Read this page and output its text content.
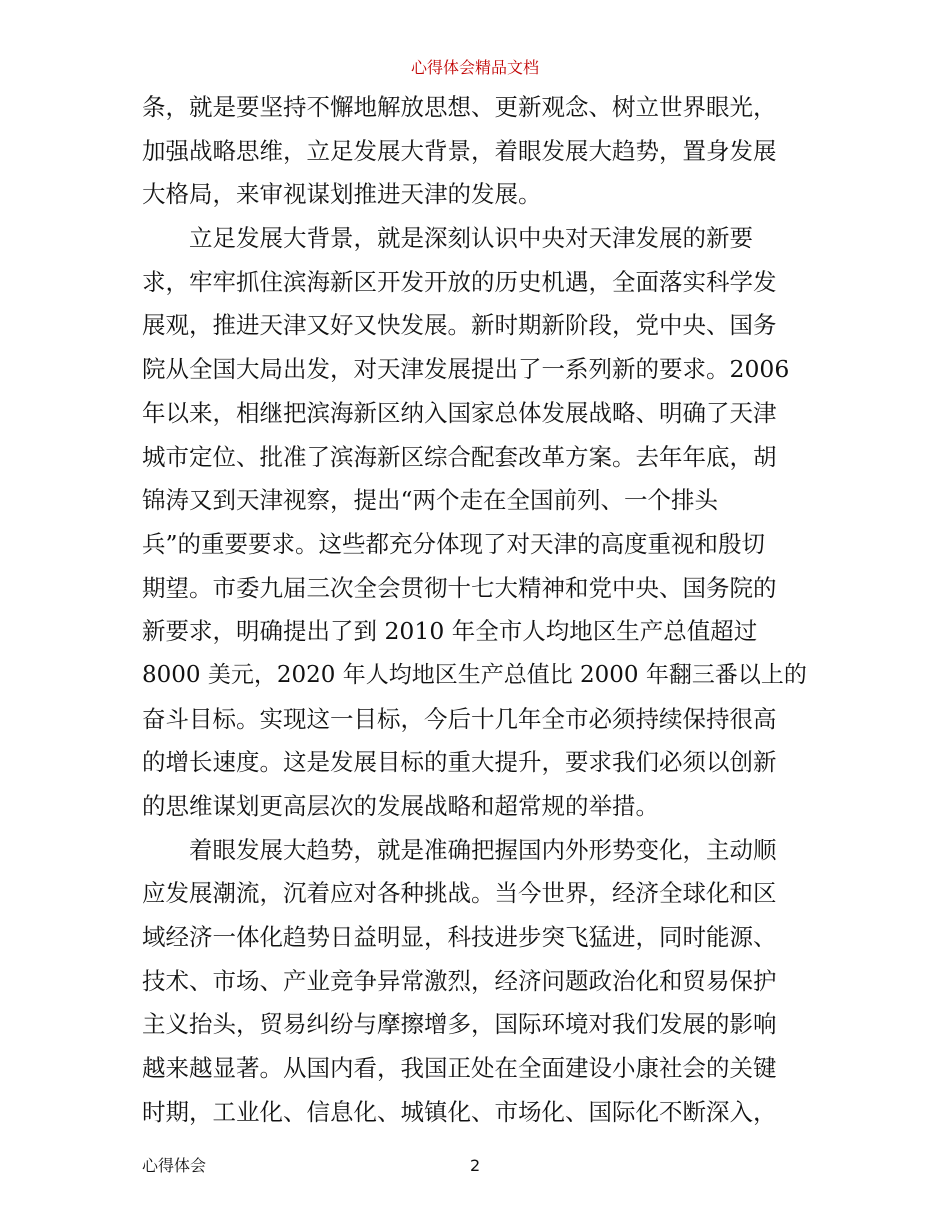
心得体会精品文档
条，就是要坚持不懈地解放思想、更新观念、树立世界眼光，
加强战略思维，立足发展大背景，着眼发展大趋势，置身发展
大格局，来审视谋划推进天津的发展。
立足发展大背景，就是深刻认识中央对天津发展的新要
求，牢牢抓住滨海新区开发开放的历史机遇，全面落实科学发
展观，推进天津又好又快发展。新时期新阶段，党中央、国务
院从全国大局出发，对天津发展提出了一系列新的要求。2006
年以来，相继把滨海新区纳入国家总体发展战略、明确了天津
城市定位、批准了滨海新区综合配套改革方案。去年年底，胡
锦涛又到天津视察，提出“两个走在全国前列、一个排头
兵”的重要要求。这些都充分体现了对天津的高度重视和殷切
期望。市委九届三次全会贯彻十七大精神和党中央、国务院的
新要求，明确提出了到 2010 年全市人均地区生产总值超过
8000 美元，2020 年人均地区生产总值比 2000 年翻三番以上的
奋斗目标。实现这一目标，今后十几年全市必须持续保持很高
的增长速度。这是发展目标的重大提升，要求我们必须以创新
的思维谋划更高层次的发展战略和超常规的举措。
着眼发展大趋势，就是准确把握国内外形势变化，主动顺
应发展潮流，沉着应对各种挑战。当今世界，经济全球化和区
域经济一体化趋势日益明显，科技进步突飞猛进，同时能源、
技术、市场、产业竞争异常激烈，经济问题政治化和贸易保护
主义抬头，贸易纠纷与摩擦增多，国际环境对我们发展的影响
越来越显著。从国内看，我国正处在全面建设小康社会的关键
时期，工业化、信息化、城镇化、市场化、国际化不断深入，
心得体会	2
